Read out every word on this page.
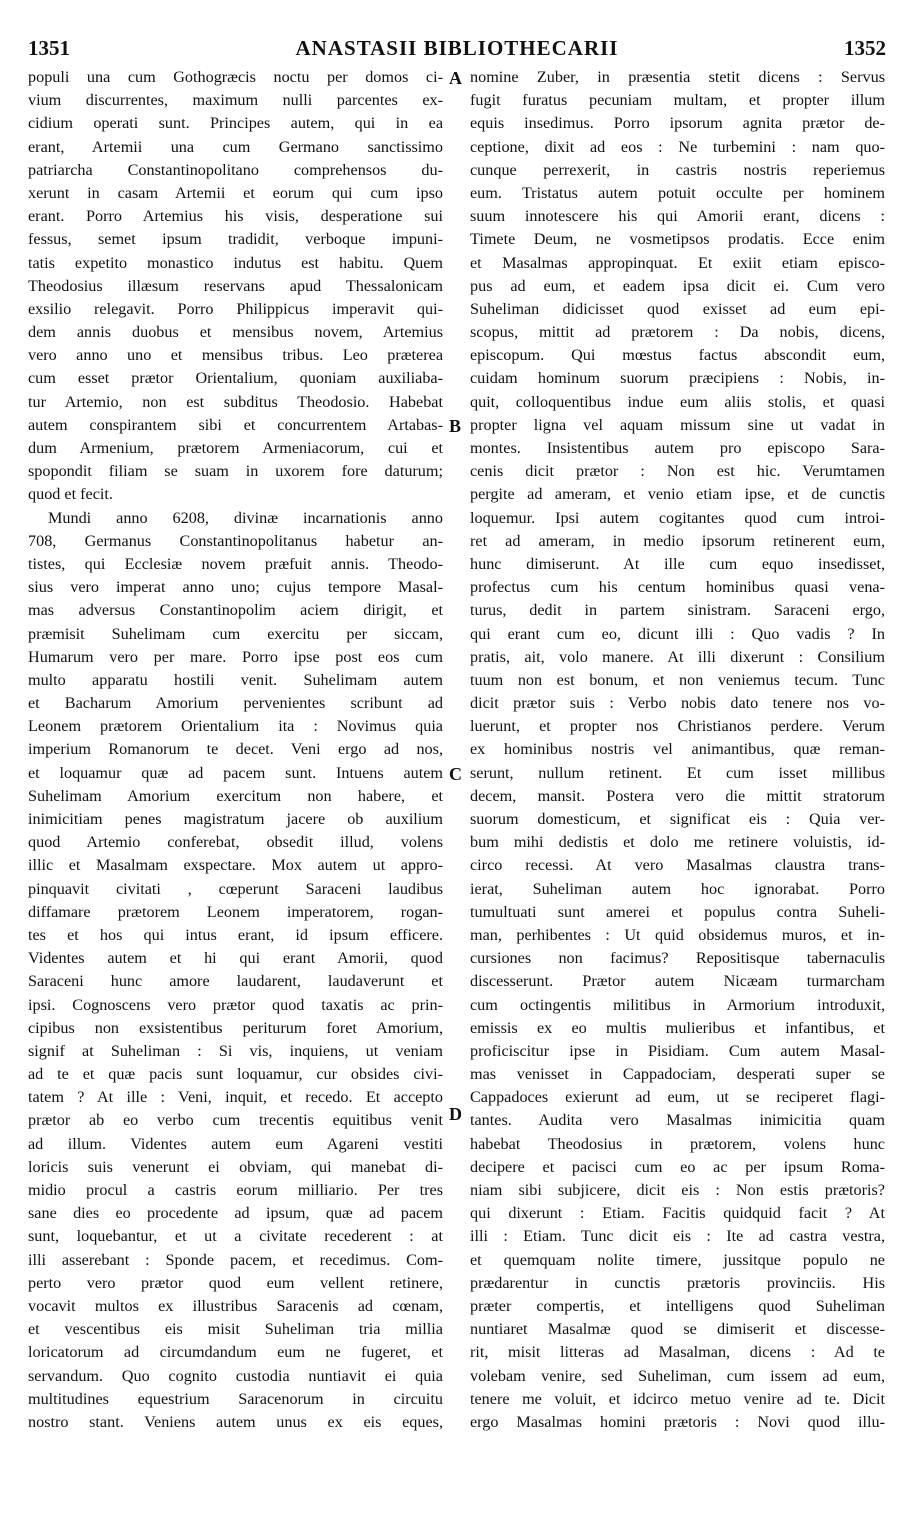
1351	ANASTASII BIBLIOTHECARII	1352
populi una cum Gothogræcis noctu per domos ci-
vium discurrentes, maximum nulli parcentes ex-
cidium operati sunt. Principes autem, qui in ea
erant, Artemii una cum Germano sanctissimo
patriarcha Constantinopolitano comprehensos du-
xerunt in casam Artemii et eorum qui cum ipso
erant. Porro Artemius his visis, desperatione sui
fessus, semet ipsum tradidit, verboque impuni-
tatis expetito monastico indutus est habitu. Quem
Theodosius illæsum reservans apud Thessalonicam
exsilio relegavit. Porro Philippicus imperavit qui-
dem annis duobus et mensibus novem, Artemius
vero anno uno et mensibus tribus. Leo præterea
cum esset prætor Orientalium, quoniam auxiliaba-
tur Artemio, non est subditus Theodosio. Habebat
autem conspirantem sibi et concurrentem Artabas-
dum Armenium, prætorem Armeniacorum, cui et
spopondit filiam se suam in uxorem fore daturum;
quod et fecit.
Mundi anno 6208, divinæ incarnationis anno
708, Germanus Constantinopolitanus habetur an-
tistes, qui Ecclesiæ novem præfuit annis. Theodo-
sius vero imperat anno uno; cujus tempore Masal-
mas adversus Constantinopolim aciem dirigit, et
præmisit Suhelimam cum exercitu per siccam,
Humarum vero per mare. Porro ipse post eos cum
multo apparatu hostili venit. Suhelimam autem
et Bacharum Amorium pervenientes scribunt ad
Leonem prætorem Orientalium ita : Novimus quia
imperium Romanorum te decet. Veni ergo ad nos,
et loquamur quæ ad pacem sunt. Intuens autem
Suhelimam Amorium exercitum non habere, et
inimicitiam penes magistratum jacere ob auxilium
quod Artemio conferebat, obsedit illud, volens
illic et Masalmam exspectare. Mox autem ut appro-
pinquavit civitati , cœperunt Saraceni laudibus
diffamare prætorem Leonem imperatorem, rogan-
tes et hos qui intus erant, id ipsum efficere.
Videntes autem et hi qui erant Amorii, quod
Saraceni hunc amore laudarent, laudaverunt et
ipsi. Cognoscens vero prætor quod taxatis ac prin-
cipibus non exsistentibus periturum foret Amorium,
signif at Suheliman : Si vis, inquiens, ut veniam
ad te et quæ pacis sunt loquamur, cur obsides civi-
tatem ? At ille : Veni, inquit, et recedo. Et accepto
prætor ab eo verbo cum trecentis equitibus venit
ad illum. Videntes autem eum Agareni vestiti
loricis suis venerunt ei obviam, qui manebat di-
midio procul a castris eorum milliario. Per tres
sane dies eo procedente ad ipsum, quæ ad pacem
sunt, loquebantur, et ut a civitate recederent : at
illi asserebant : Sponde pacem, et recedimus. Com-
perto vero prætor quod eum vellent retinere,
vocavit multos ex illustribus Saracenis ad cœnam,
et vescentibus eis misit Suheliman tria millia
loricatorum ad circumdandum eum ne fugeret, et
servandum. Quo cognito custodia nuntiavit ei quia
multitudines equestrium Saracenorum in circuitu
nostro stant. Veniens autem unus ex eis eques,
nomine Zuber, in præsentia stetit dicens : Servus
fugit furatus pecuniam multam, et propter illum
equis insedimus. Porro ipsorum agnita prætor de-
ceptione, dixit ad eos : Ne turbemini : nam quo-
cunque perrexerit, in castris nostris reperiemus
eum. Tristatus autem potuit occulte per hominem
suum innotescere his qui Amorii erant, dicens :
Timete Deum, ne vosmetipsos prodatis. Ecce enim
et Masalmas appropinquat. Et exiit etiam episco-
pus ad eum, et eadem ipsa dicit ei. Cum vero
Suheliman didicisset quod exisset ad eum epi-
scopus, mittit ad prætorem : Da nobis, dicens,
episcopum. Qui mœstus factus abscondit eum,
cuidam hominum suorum præcipiens : Nobis, in-
quit, colloquentibus indue eum aliis stolis, et quasi
propter ligna vel aquam missum sine ut vadat in
montes. Insistentibus autem pro episcopo Sara-
cenis dicit prætor : Non est hic. Verumtamen
pergite ad ameram, et venio etiam ipse, et de cunctis
loquemur. Ipsi autem cogitantes quod cum introi-
ret ad ameram, in medio ipsorum retinerent eum,
hunc dimiserunt. At ille cum equo insedisset,
profectus cum his centum hominibus quasi vena-
turus, dedit in partem sinistram. Saraceni ergo,
qui erant cum eo, dicunt illi : Quo vadis ? In
pratis, ait, volo manere. At illi dixerunt : Consilium
tuum non est bonum, et non veniemus tecum. Tunc
dicit prætor suis : Verbo nobis dato tenere nos vo-
luerunt, et propter nos Christianos perdere. Verum
ex hominibus nostris vel animantibus, quæ reman-
serunt, nullum retinent. Et cum isset millibus
decem, mansit. Postera vero die mittit stratorum
suorum domesticum, et significat eis : Quia ver-
bum mihi dedistis et dolo me retinere voluistis, id-
circo recessi. At vero Masalmas claustra trans-
ierat, Suheliman autem hoc ignorabat. Porro
tumultuati sunt amerei et populus contra Suheli-
man, perhibentes : Ut quid obsidemus muros, et in-
cursiones non facimus? Repositisque tabernaculis
discesserunt. Prætor autem Nicæam turmarcham
cum octingentis militibus in Armorium introduxit,
emissis ex eo multis mulieribus et infantibus, et
proficiscitur ipse in Pisidiam. Cum autem Masal-
mas venisset in Cappadociam, desperati super se
Cappadoces exierunt ad eum, ut se reciperet flagi-
tantes. Audita vero Masalmas inimicitia quam
habebat Theodosius in prætorem, volens hunc
decipere et pacisci cum eo ac per ipsum Roma-
niam sibi subjicere, dicit eis : Non estis prætoris?
qui dixerunt : Etiam. Facitis quidquid facit ? At
illi : Etiam. Tunc dicit eis : Ite ad castra vestra,
et quemquam nolite timere, jussitque populo ne
prædarentur in cunctis prætoris provinciis. His
præter compertis, et intelligens quod Suheliman
nuntiaret Masalmæ quod se dimiserit et discesse-
rit, misit litteras ad Masalman, dicens : Ad te
volebam venire, sed Suheliman, cum issem ad eum,
tenere me voluit, et idcirco metuo venire ad te. Dicit
ergo Masalmas homini prætoris : Novi quod illu-
A
B
C
D
